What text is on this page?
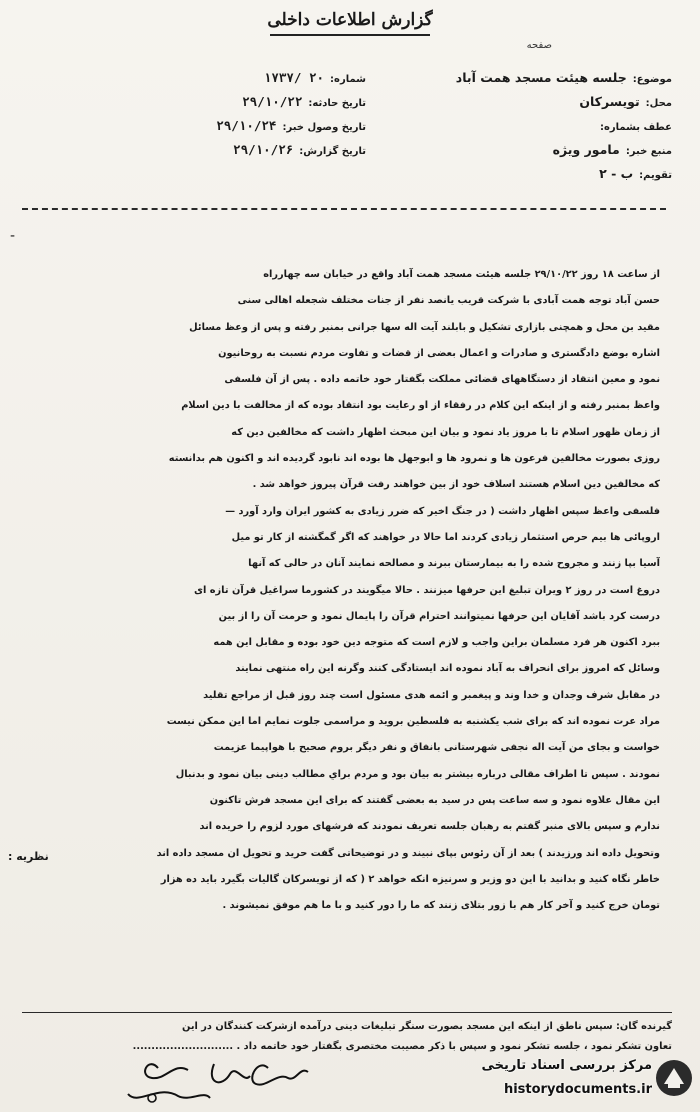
گزارش اطلاعات داخلی
صفحه
موضوع:جلسه هیئت مسجد همت آباد
محل:تویسرکان
عطف بشماره:
منبع خبر:مامور ویژه
تقویم:ب - ۲
شماره:۱۷۳۷/ ۲۰
تاریخ حادثه:۲۹/۱۰/۲۲
تاریخ وصول خبر:۲۹/۱۰/۲۴
تاریخ گزارش:۲۹/۱۰/۲۶
-
از ساعت ۱۸ روز ۲۹/۱۰/۲۲ جلسه هیئت مسجد همت آباد واقع در خیابان سه چهارراه
حسن آباد توجه همت آبادی با شرکت قریب یانصد نفر از جنات مختلف شجعله اهالی سنی
مقید بن محل و همچنی بازاری تشکیل و بابلند آیت اله سها جرانی بمنبر رفته و پس از وعظ مسائل
اشاره بوضع دادگستری و صادرات و اعمال بعضی از قضات و تفاوت مردم نسبت به روحانیون
نمود و معین انتقاد از دستگاههای قضائی مملکت بگفتار خود خاتمه داده . پس از آن فلسفی
واعظ بمنبر رفته و از اینکه این کلام در رفقاء از او رعایت بود انتقاد بوده که از مخالفت با دین اسلام
از زمان ظهور اسلام تا با مروز یاد نمود و بیان این مبحث اظهار داشت که مخالفین دین که
روزی بصورت مخالفین فرعون ها و نمرود ها و ابوجهل ها بوده اند نابود گردیده اند و اکنون هم بدانسته
که مخالفین دین اسلام هستند اسلاف خود از بین خواهند رفت قرآن پیروز خواهد شد .
فلسفی واعظ سپس اظهار داشت ( در جنگ اخیر که ضرر زیادی به کشور ایران وارد آورد —
اروپائی ها بیم حرص استثمار زیادی کردند اما حالا در خواهند که اگر گمگشته از کار تو میل
آسیا بپا زنند و مجروح شده را به بیمارستان ببرند و مصالحه نمایند آنان در حالی که آنها
دروغ است در روز ۲ ویران تبلیغ این حرفها میزنند . حالا میگویند در کشورما سراغیل قرآن تازه ای
درست کرد باشد آقایان این حرفها نمیتوانند احترام قرآن را پایمال نمود و حرمت آن را از بین
ببرد اکنون هر فرد مسلمان براین واجب و لازم است که متوجه دین خود بوده و مقابل این همه
وسائل که امروز برای انحراف به آباد نموده اند ایستادگی کنند وگرنه این راه منتهی نمایند
در مقابل شرف وجدان و خدا وند و پیغمبر و ائمه هدی مسئول است چند روز قبل از مراجع تقلید
مراد عرت نموده اند که برای شب یکشنبه به فلسطین بروید و مراسمی جلوت نمایم اما این ممکن نیست
خواست و بجای من آیت اله نجفی شهرستانی بانفاق و نفر دیگر بروم صحیح با هواپیما عزیمت
نمودند . سپس تا اطراف مقالی درباره بیشتر به بیان بود و مردم براي مطالب دینی بیان نمود و بدنبال
این مقال علاوه نمود و سه ساعت پس در سید به بعضی گفتند که برای این مسجد فرش تاکنون
ندارم و سپس بالای منبر گفتم به رهبان جلسه تعریف نمودند که فرشهای مورد لزوم را خریده اند
وتحویل داده اند ورزیدند ) بعد از آن رئوس بپای نبیند و در توضیحاتی گفت حرید و تحویل ان مسجد داده اند
خاطر نگاه کنید و بدانید با این دو وزیر و سرنیزه انکه خواهد ۲ ( که از تویسرکان گالیات بگیرد باید ده هزار
تومان خرج کنید و آخر کار هم با زور بتلای زنند که ما را دور کنید و با ما هم موفق نمیشوند .
نظریه :
گیرنده گان: سپس ناطق از اینکه این مسجد بصورت سنگر تبلیغات دینی درآمده ازشرکت کنندگان در این
تعاون تشکر نمود ، جلسه تشکر نمود و سپس با ذکر مصیبت مختصری بگفتار خود خاتمه داد . ...........................
مرکز بررسی اسناد تاریخی
historydocuments.ir
